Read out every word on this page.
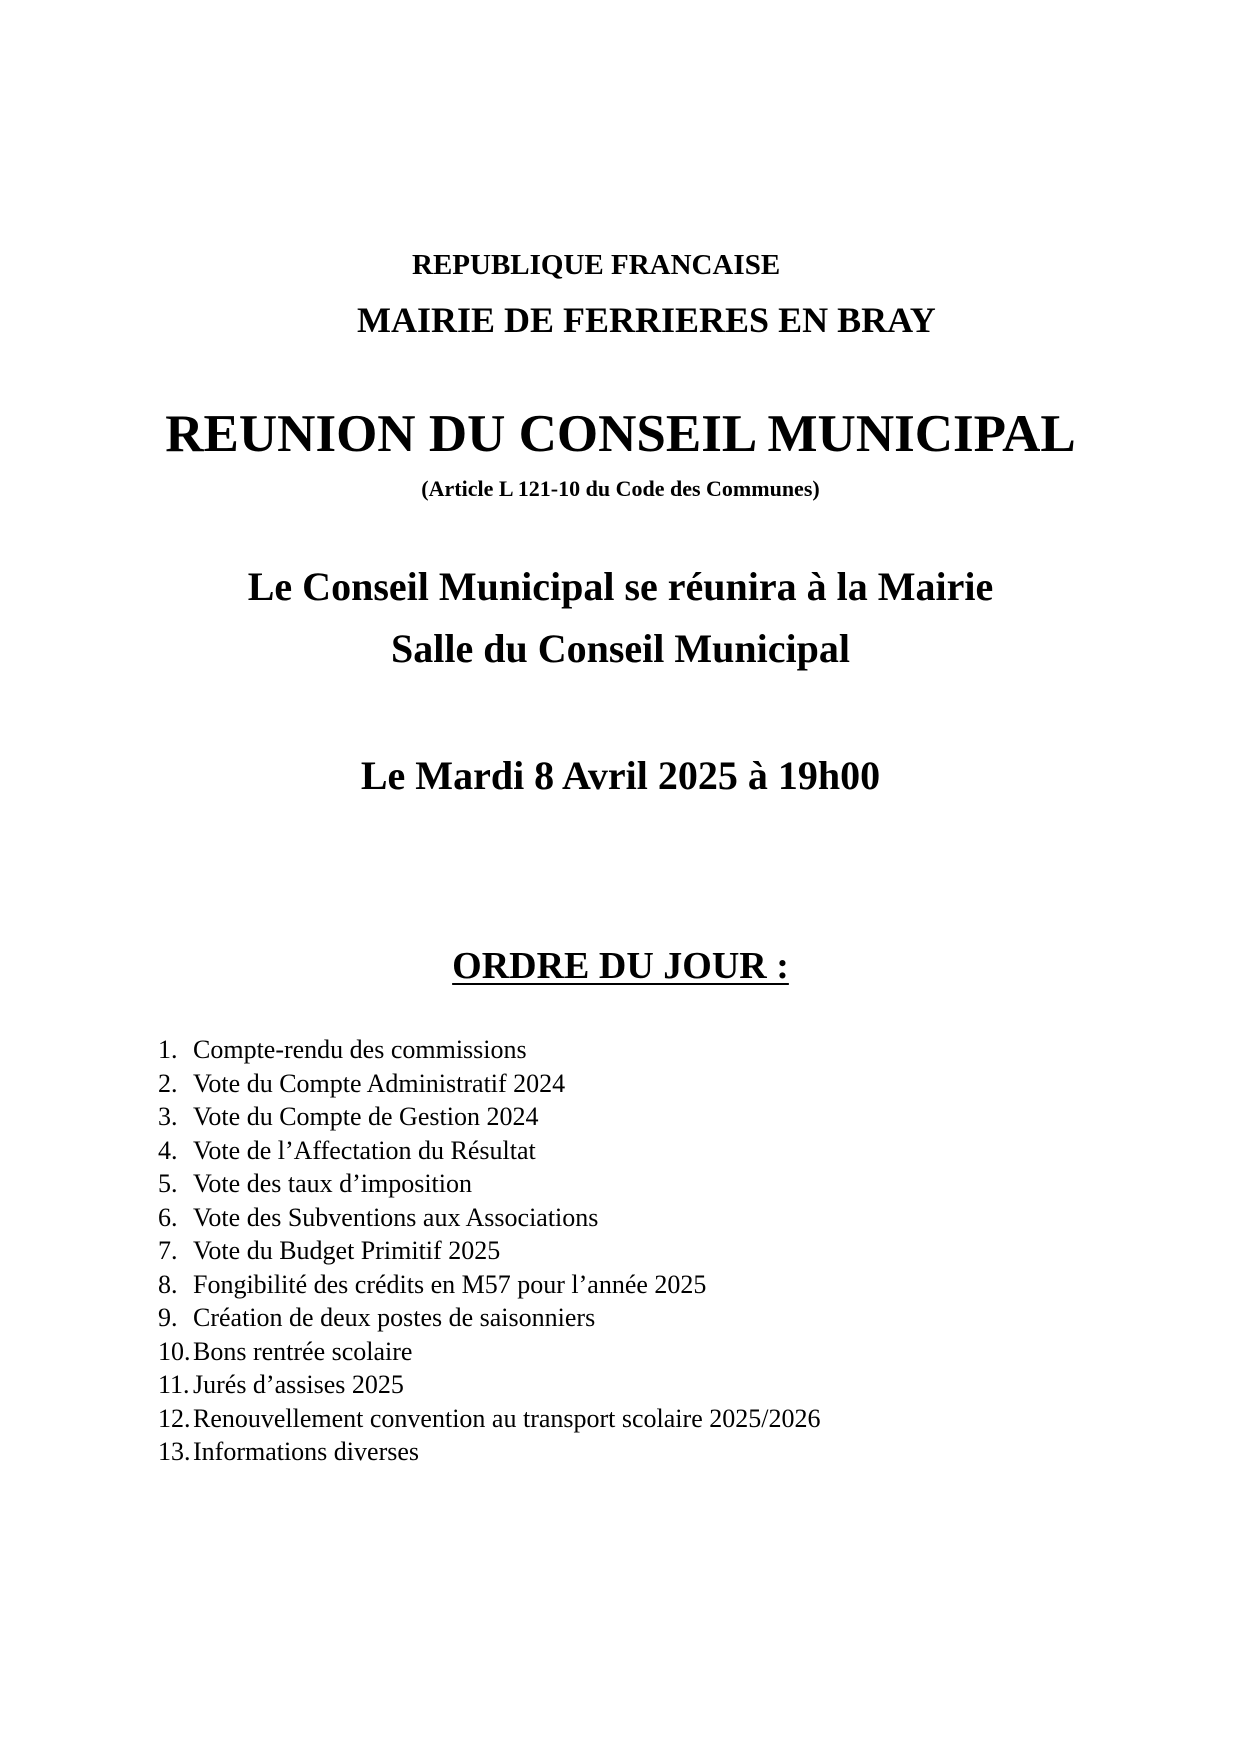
REPUBLIQUE FRANCAISE
MAIRIE DE FERRIERES EN BRAY
REUNION DU CONSEIL MUNICIPAL
(Article L 121-10 du Code des Communes)
Le Conseil Municipal se réunira à la Mairie
Salle du Conseil Municipal
Le Mardi 8 Avril 2025 à 19h00
ORDRE DU JOUR :
1. Compte-rendu des commissions
2. Vote du Compte Administratif 2024
3. Vote du Compte de Gestion 2024
4. Vote de l’Affectation du Résultat
5. Vote des taux d’imposition
6. Vote des Subventions aux Associations
7. Vote du Budget Primitif 2025
8. Fongibilité des crédits en M57 pour l’année 2025
9. Création de deux postes de saisonniers
10.Bons rentrée scolaire
11. Jurés d’assises 2025
12.Renouvellement convention au transport scolaire 2025/2026
13.Informations diverses
